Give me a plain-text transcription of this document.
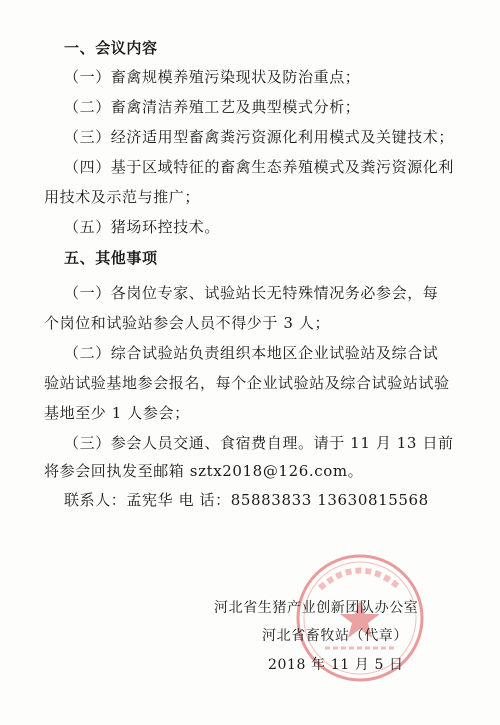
一、会议内容
（一）畜禽规模养殖污染现状及防治重点；
（二）畜禽清洁养殖工艺及典型模式分析；
（三）经济适用型畜禽粪污资源化利用模式及关键技术；
（四）基于区域特征的畜禽生态养殖模式及粪污资源化利
用技术及示范与推广；
（五）猪场环控技术。
五、其他事项
（一）各岗位专家、试验站长无特殊情况务必参会，每
个岗位和试验站参会人员不得少于 3 人；
（二）综合试验站负责组织本地区企业试验站及综合试
验站试验基地参会报名，每个企业试验站及综合试验站试验
基地至少 1 人参会；
（三）参会人员交通、食宿费自理。请于 11 月 13 日前
将参会回执发至邮箱 sztx2018@126.com。
联系人：孟宪华 电 话：85883833 13630815568
河北省生猪产业创新团队办公室
河北省畜牧站（代章）
2018 年 11 月 5 日
